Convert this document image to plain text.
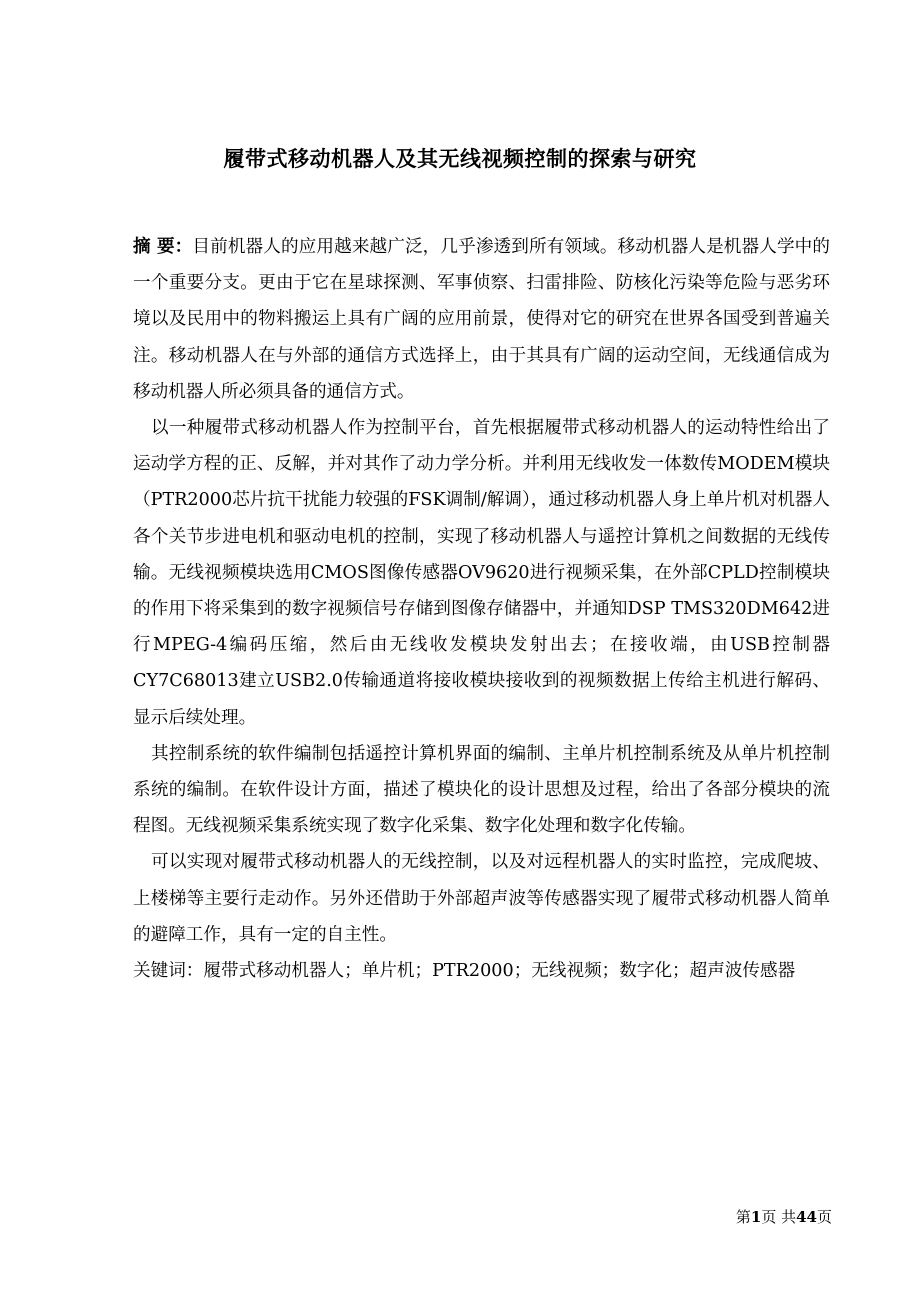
履带式移动机器人及其无线视频控制的探索与研究

摘 要：目前机器人的应用越来越广泛，几乎渗透到所有领域。移动机器人是机器人学中的一个重要分支。更由于它在星球探测、军事侦察、扫雷排险、防核化污染等危险与恶劣环境以及民用中的物料搬运上具有广阔的应用前景，使得对它的研究在世界各国受到普遍关注。移动机器人在与外部的通信方式选择上，由于其具有广阔的运动空间，无线通信成为移动机器人所必须具备的通信方式。

以一种履带式移动机器人作为控制平台，首先根据履带式移动机器人的运动特性给出了运动学方程的正、反解，并对其作了动力学分析。并利用无线收发一体数传MODEM模块（PTR2000芯片抗干扰能力较强的FSK调制/解调），通过移动机器人身上单片机对机器人各个关节步进电机和驱动电机的控制，实现了移动机器人与遥控计算机之间数据的无线传输。无线视频模块选用CMOS图像传感器OV9620进行视频采集，在外部CPLD控制模块的作用下将采集到的数字视频信号存储到图像存储器中，并通知DSP TMS320DM642进行MPEG-4编码压缩，然后由无线收发模块发射出去；在接收端，由USB控制器CY7C68013建立USB2.0传输通道将接收模块接收到的视频数据上传给主机进行解码、显示后续处理。

其控制系统的软件编制包括遥控计算机界面的编制、主单片机控制系统及从单片机控制系统的编制。在软件设计方面，描述了模块化的设计思想及过程，给出了各部分模块的流程图。无线视频采集系统实现了数字化采集、数字化处理和数字化传输。

可以实现对履带式移动机器人的无线控制，以及对远程机器人的实时监控，完成爬坡、上楼梯等主要行走动作。另外还借助于外部超声波等传感器实现了履带式移动机器人简单的避障工作，具有一定的自主性。

关键词：履带式移动机器人；单片机；PTR2000；无线视频；数字化；超声波传感器
第1页 共44页
